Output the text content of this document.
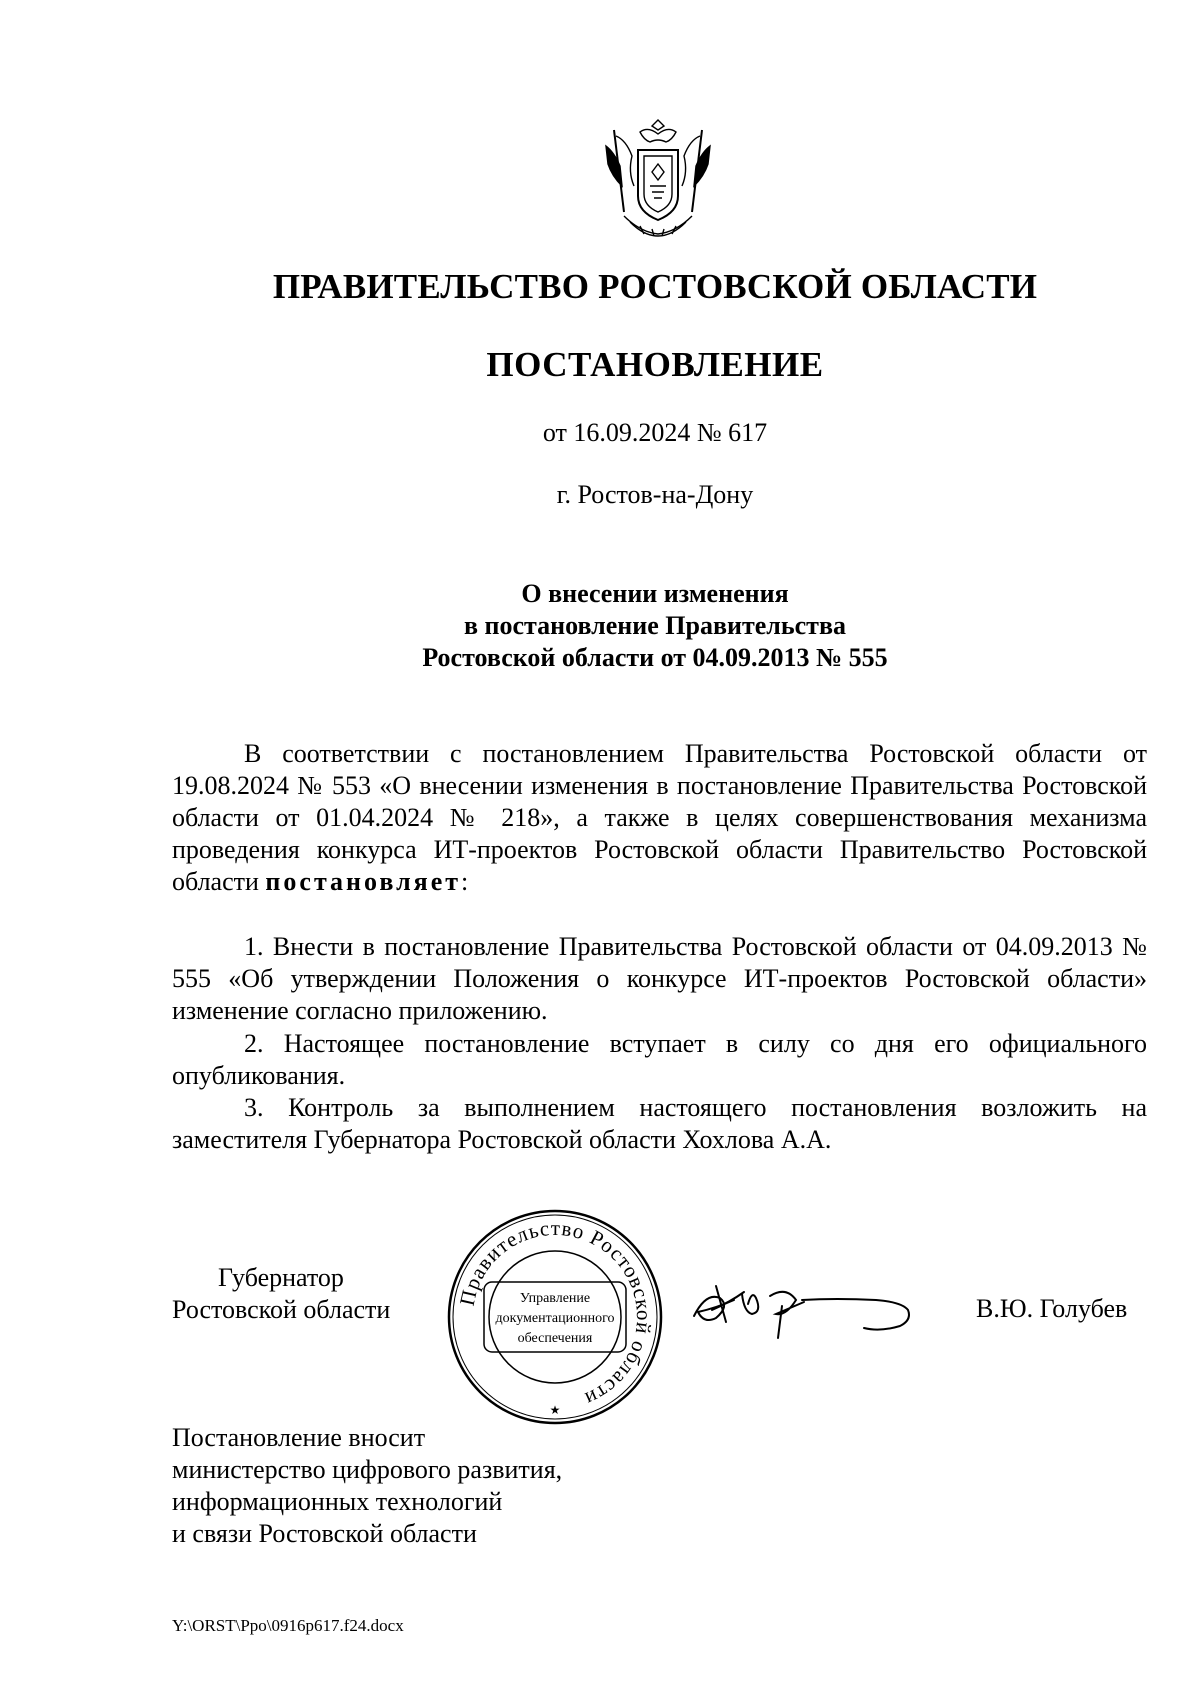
ПРАВИТЕЛЬСТВО РОСТОВСКОЙ ОБЛАСТИ
ПОСТАНОВЛЕНИЕ
от 16.09.2024 № 617
г. Ростов-на-Дону
О внесении изменения
в постановление Правительства
Ростовской области от 04.09.2013 № 555
В соответствии с постановлением Правительства Ростовской области от 19.08.2024 № 553 «О внесении изменения в постановление Правительства Ростовской области от 01.04.2024 № 218», а также в целях совершенствования механизма проведения конкурса ИТ-проектов Ростовской области Правительство Ростовской области постановляет:
1. Внести в постановление Правительства Ростовской области от 04.09.2013 № 555 «Об утверждении Положения о конкурсе ИТ-проектов Ростовской области» изменение согласно приложению.
2. Настоящее постановление вступает в силу со дня его официального опубликования.
3. Контроль за выполнением настоящего постановления возложить на заместителя Губернатора Ростовской области Хохлова А.А.
Губернатор
Ростовской области	Правительство Ростовской области
Управление
документационного
обеспечения
★
В.Ю. Голубев
Постановление вносит
министерство цифрового развития,
информационных технологий
и связи Ростовской области
Y:\ORST\Ppo\0916p617.f24.docx
